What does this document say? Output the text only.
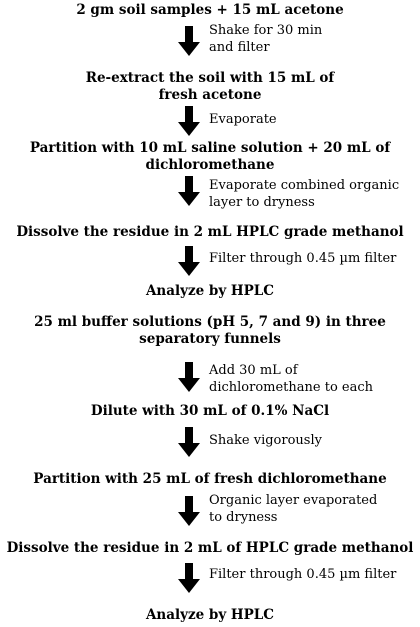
2 gm soil samples + 15 mL acetone
Re-extract the soil with 15 mL of
fresh acetone
Partition with 10 mL saline solution + 20 mL of
dichloromethane
Dissolve the residue in 2 mL HPLC grade methanol
Analyze by HPLC
25 ml buffer solutions (pH 5, 7 and 9) in three
separatory funnels
Dilute with 30 mL of 0.1% NaCl
Partition with 25 mL of fresh dichloromethane
Dissolve the residue in 2 mL of HPLC grade methanol
Analyze by HPLC
Shake for 30 min
and filter
Evaporate
Evaporate combined organic
layer to dryness
Filter through 0.45 µm filter
Add 30 mL of
dichloromethane to each
Shake vigorously
Organic layer evaporated
to dryness
Filter through 0.45 µm filter
